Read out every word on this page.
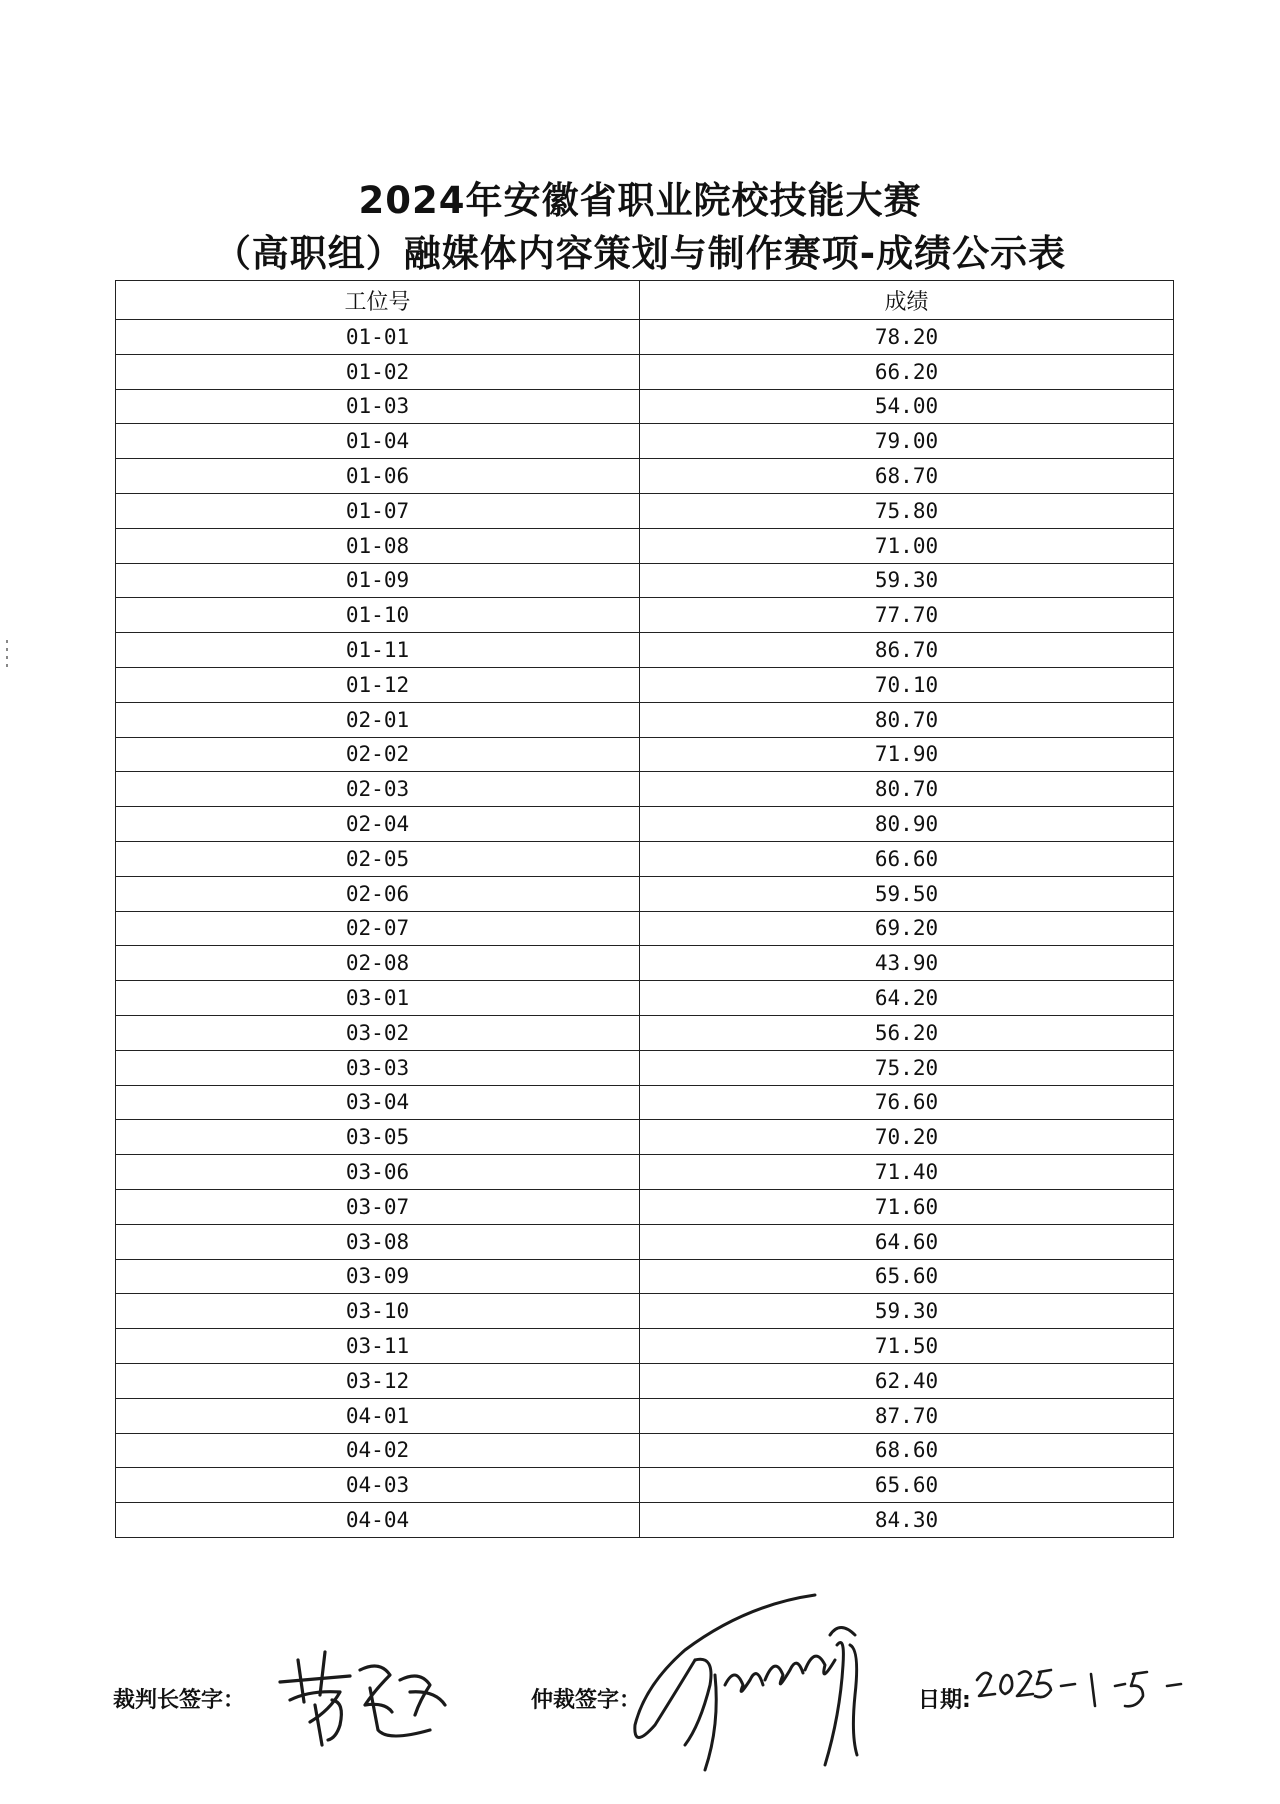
2024年安徽省职业院校技能大赛
（高职组）融媒体内容策划与制作赛项-成绩公示表
工位号	成绩
01-01	78.20
01-02	66.20
01-03	54.00
01-04	79.00
01-06	68.70
01-07	75.80
01-08	71.00
01-09	59.30
01-10	77.70
01-11	86.70
01-12	70.10
02-01	80.70
02-02	71.90
02-03	80.70
02-04	80.90
02-05	66.60
02-06	59.50
02-07	69.20
02-08	43.90
03-01	64.20
03-02	56.20
03-03	75.20
03-04	76.60
03-05	70.20
03-06	71.40
03-07	71.60
03-08	64.60
03-09	65.60
03-10	59.30
03-11	71.50
03-12	62.40
04-01	87.70
04-02	68.60
04-03	65.60
04-04	84.30
裁判长签字：	仲裁签字：	日期:
